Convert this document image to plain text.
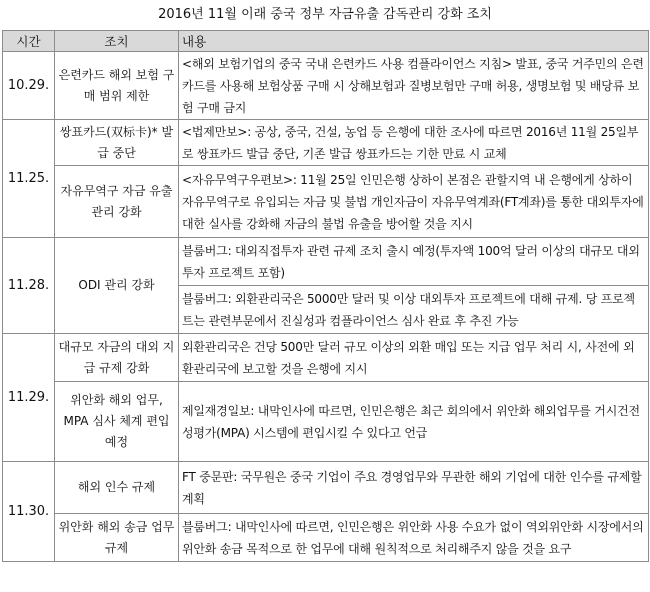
2016년 11월 이래 중국 정부 자금유출 감독관리 강화 조치
시간	조치	내용
10.29.	은련카드 해외 보험 구매 범위 제한	<해외 보험기업의 중국 국내 은련카드 사용 컴플라이언스 지침> 발표, 중국 거주민의 은련카드를 사용해 보험상품 구매 시 상해보험과 질병보험만 구매 허용, 생명보험 및 배당류 보험 구매 금지
11.25.	쌍표카드(双标卡)* 발급 중단	<법제만보>: 공상, 중국, 건설, 농업 등 은행에 대한 조사에 따르면 2016년 11월 25일부로 쌍표카드 발급 중단, 기존 발급 쌍표카드는 기한 만료 시 교체
	자유무역구 자금 유출 관리 강화	<자유무역구우편보>: 11월 25일 인민은행 상하이 본점은 관할지역 내 은행에게 상하이 자유무역구로 유입되는 자금 및 불법 개인자금이 자유무역계좌(FT계좌)를 통한 대외투자에 대한 실사를 강화해 자금의 불법 유출을 방어할 것을 지시
11.28.	ODI 관리 강화	블룸버그: 대외직접투자 관련 규제 조치 출시 예정(투자액 100억 달러 이상의 대규모 대외투자 프로젝트 포함)
		블룸버그: 외환관리국은 5000만 달러 및 이상 대외투자 프로젝트에 대해 규제. 당 프로젝트는 관련부문에서 진실성과 컴플라이언스 심사 완료 후 추진 가능
11.29.	대규모 자금의 대외 지급 규제 강화	외환관리국은 건당 500만 달러 규모 이상의 외환 매입 또는 지급 업무 처리 시, 사전에 외환관리국에 보고할 것을 은행에 지시
	위안화 해외 업무, MPA 심사 체계 편입 예정	제일재경일보: 내막인사에 따르면, 인민은행은 최근 회의에서 위안화 해외업무를 거시건전성평가(MPA) 시스템에 편입시킬 수 있다고 언급
11.30.	해외 인수 규제	FT 중문판: 국무원은 중국 기업이 주요 경영업무와 무관한 해외 기업에 대한 인수를 규제할 계획
	위안화 해외 송금 업무 규제	블룸버그: 내막인사에 따르면, 인민은행은 위안화 사용 수요가 없이 역외위안화 시장에서의 위안화 송금 목적으로 한 업무에 대해 원칙적으로 처리해주지 않을 것을 요구
